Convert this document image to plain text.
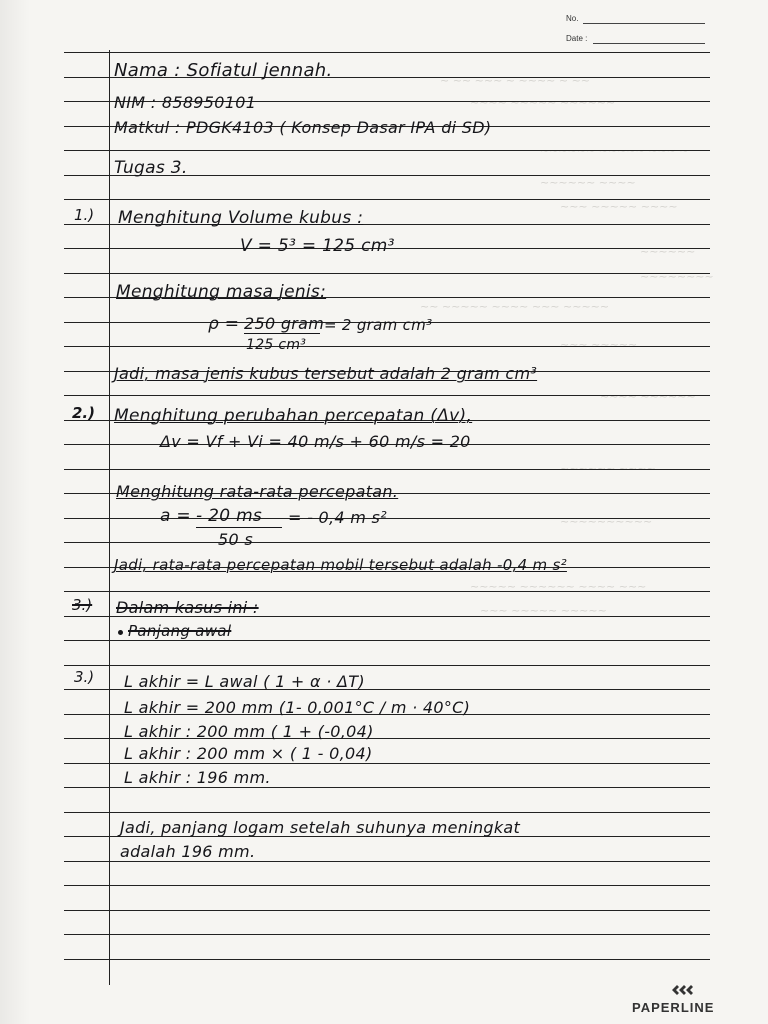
No.
Date :
~ ~~ ~~~ ~ ~~~~ ~ ~~
~~~~ ~~~~~ ~~~~~~
~~~~~~ ~~~~~ ~~~ ~
~~~~~~ ~~~~
~~~ ~~~~~ ~~~~
~~~~~~
~~~~~~~~
~~ ~~~~~ ~~~~ ~~~ ~~~~~
~~~ ~~~~~
~~~~ ~~~~~~
~~~~~~ ~~~~
~~~~~~~~~~
~~~~~ ~~~~~~ ~~~~ ~~~
~~~ ~~~~~ ~~~~~
Nama : Sofiatul jennah.
NIM : 858950101
Matkul : PDGK4103 ( Konsep Dasar IPA di SD)
Tugas 3.
1.) Menghitung Volume kubus :
V = 5³ = 125 cm³
Menghitung masa jenis:
ρ = 250 gram
125 cm³
= 2 gram cm³
Jadi, masa jenis kubus tersebut adalah 2 gram cm³
2.) Menghitung perubahan percepatan (Δv),
Δv = Vf + Vi = 40 m/s + 60 m/s = 20
Menghitung rata-rata percepatan.
a = - 20 ms
50 s
= - 0,4 m s²
Jadi, rata-rata percepatan mobil tersebut adalah -0,4 m s²
3.) Dalam kasus ini :
Panjang awal
3.) L akhir = L awal ( 1 + α · ΔT)
L akhir = 200 mm (1- 0,001°C / m · 40°C)
L akhir : 200 mm ( 1 + (-0,04)
L akhir : 200 mm × ( 1 - 0,04)
L akhir : 196 mm.
Jadi, panjang logam setelah suhunya meningkat
adalah 196 mm.
PAPERLINE
